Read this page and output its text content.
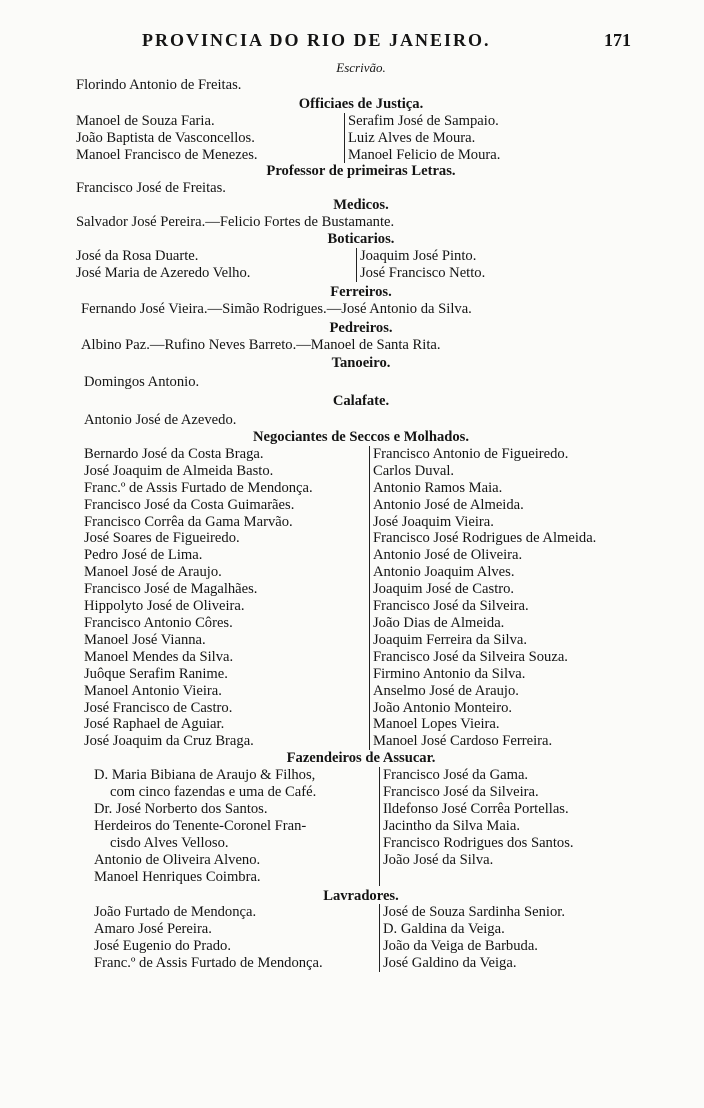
PROVINCIA DO RIO DE JANEIRO.	171
Escrivão.
Florindo Antonio de Freitas.
Officiaes de Justiça.
Manoel de Souza Faria.
João Baptista de Vasconcellos.
Manoel Francisco de Menezes.
Serafim José de Sampaio.
Luiz Alves de Moura.
Manoel Felicio de Moura.
Professor de primeiras Letras.
Francisco José de Freitas.
Medicos.
Salvador José Pereira.—Felicio Fortes de Bustamante.
Boticarios.
José da Rosa Duarte.
José Maria de Azeredo Velho.
Joaquim José Pinto.
José Francisco Netto.
Ferreiros.
Fernando José Vieira.—Simão Rodrigues.—José Antonio da Silva.
Pedreiros.
Albino Paz.—Rufino Neves Barreto.—Manoel de Santa Rita.
Tanoeiro.
Domingos Antonio.
Calafate.
Antonio José de Azevedo.
Negociantes de Seccos e Molhados.
Bernardo José da Costa Braga.
José Joaquim de Almeida Basto.
Franc.º de Assis Furtado de Mendonça.
Francisco José da Costa Guimarães.
Francisco Corrêa da Gama Marvão.
José Soares de Figueiredo.
Pedro José de Lima.
Manoel José de Araujo.
Francisco José de Magalhães.
Hippolyto José de Oliveira.
Francisco Antonio Côres.
Manoel José Vianna.
Manoel Mendes da Silva.
Juôque Serafim Ranime.
Manoel Antonio Vieira.
José Francisco de Castro.
José Raphael de Aguiar.
José Joaquim da Cruz Braga.
Francisco Antonio de Figueiredo.
Carlos Duval.
Antonio Ramos Maia.
Antonio José de Almeida.
José Joaquim Vieira.
Francisco José Rodrigues de Almeida.
Antonio José de Oliveira.
Antonio Joaquim Alves.
Joaquim José de Castro.
Francisco José da Silveira.
João Dias de Almeida.
Joaquim Ferreira da Silva.
Francisco José da Silveira Souza.
Firmino Antonio da Silva.
Anselmo José de Araujo.
João Antonio Monteiro.
Manoel Lopes Vieira.
Manoel José Cardoso Ferreira.
Fazendeiros de Assucar.
D. Maria Bibiana de Araujo & Filhos,
com cinco fazendas e uma de Café.
Dr. José Norberto dos Santos.
Herdeiros do Tenente-Coronel Fran-
cisdo Alves Velloso.
Antonio de Oliveira Alveno.
Manoel Henriques Coimbra.
Francisco José da Gama.
Francisco José da Silveira.
Ildefonso José Corrêa Portellas.
Jacintho da Silva Maia.
Francisco Rodrigues dos Santos.
João José da Silva.
Lavradores.
João Furtado de Mendonça.
Amaro José Pereira.
José Eugenio do Prado.
Franc.º de Assis Furtado de Mendonça.
José de Souza Sardinha Senior.
D. Galdina da Veiga.
João da Veiga de Barbuda.
José Galdino da Veiga.
